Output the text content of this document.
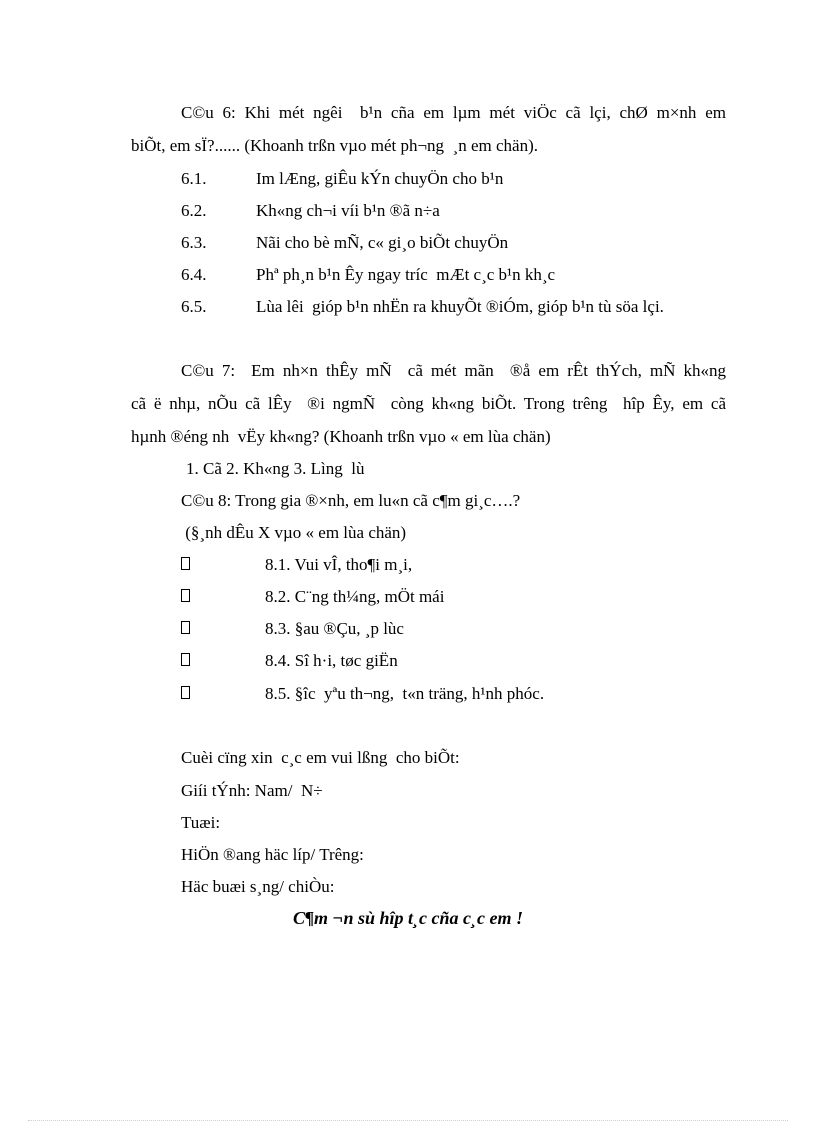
C©u 6: Khi mét ngêi  b¹n cña em lµm mét viÖc cã lçi, chØ m×nh em
biÕt, em sÏ?...... (Khoanh trßn vµo mét ph¬ng  ¸n em chän).
6.1.	Im lÆng, giÊu kÝn chuyÖn cho b¹n
6.2.	Kh«ng ch¬i víi b¹n ®ã n÷a
6.3.	Nãi cho bè mÑ, c« gi¸o biÕt chuyÖn
6.4.	Phª ph¸n b¹n Êy ngay tríc  mÆt c¸c b¹n kh¸c
6.5.	Lùa lêi  gióp b¹n nhËn ra khuyÕt ®iÓm, gióp b¹n tù söa lçi.
C©u 7:  Em nh×n thÊy mÑ  cã mét mãn  ®å em rÊt thÝch, mÑ kh«ng
cã ë nhµ, nÕu cã lÊy  ®i ngmÑ  còng kh«ng biÕt. Trong trêng  hîp Êy, em cã
hµnh ®éng nh  vËy kh«ng? (Khoanh trßn vµo « em lùa chän)
1. Cã 2. Kh«ng 3. Lìng  lù
C©u 8: Trong gia ®×nh, em lu«n cã c¶m gi¸c….?
(§¸nh dÊu X vµo « em lùa chän)
8.1. Vui vÎ, tho¶i m¸i,
8.2. C¨ng th¼ng, mÖt mái
8.3. §au ®Çu, ¸p lùc
8.4. Sî h·i, tøc giËn
8.5. §îc  yªu th¬ng,  t«n träng, h¹nh phóc.
Cuèi cïng xin  c¸c em vui lßng  cho biÕt:
Giíi tÝnh: Nam/  N÷
Tuæi:
HiÖn ®ang häc líp/ Trêng:
Häc buæi s¸ng/ chiÒu:
C¶m ¬n sù hîp t¸c cña c¸c em !
